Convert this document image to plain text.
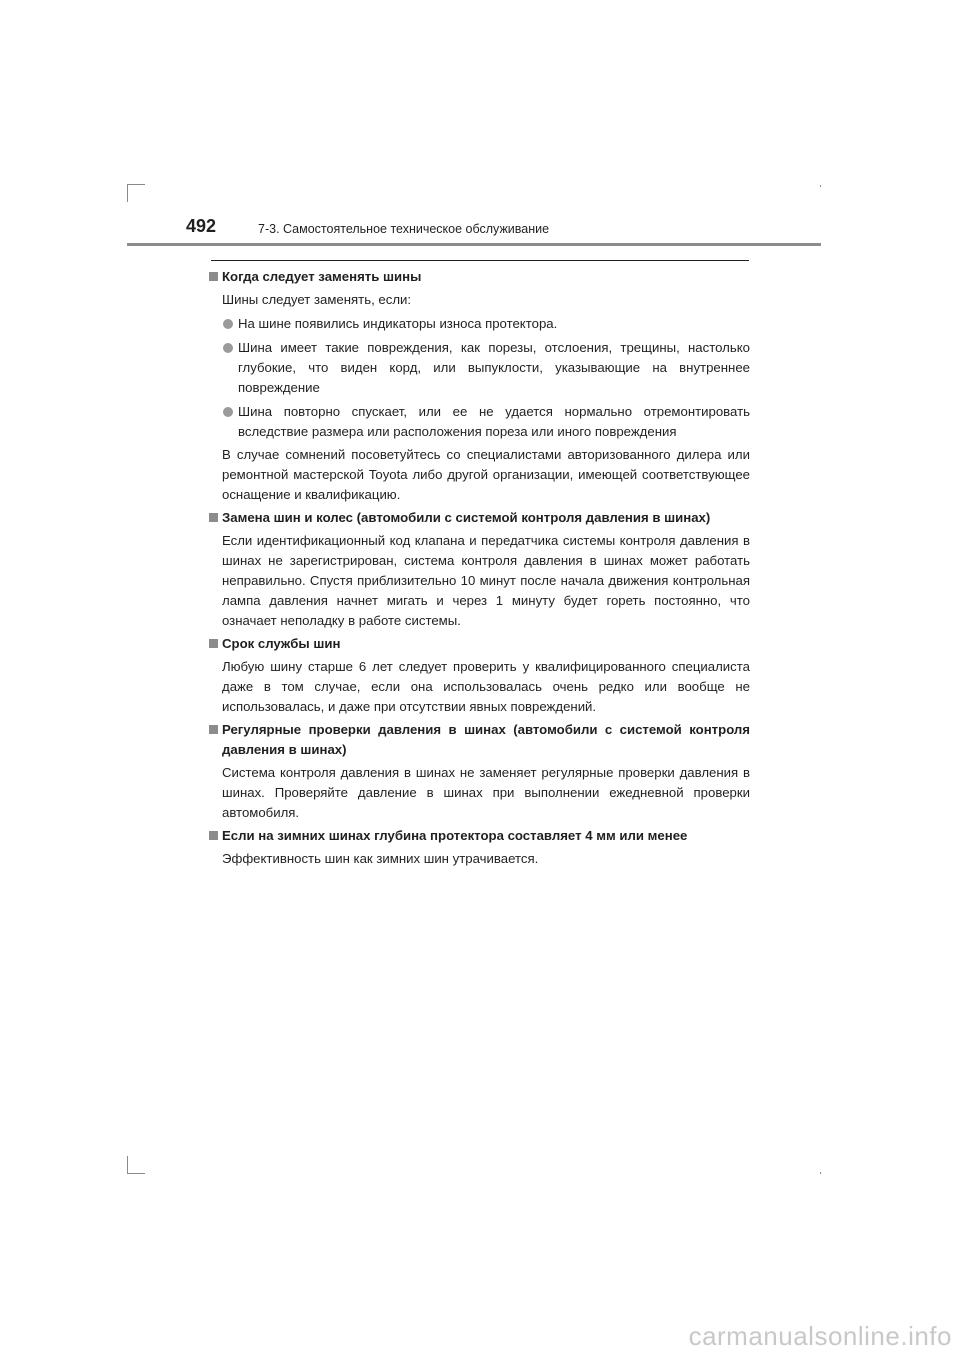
492	7-3. Самостоятельное техническое обслуживание
Когда следует заменять шины
Шины следует заменять, если:
На шине появились индикаторы износа протектора.
Шина имеет такие повреждения, как порезы, отслоения, трещины, настолько глубокие, что виден корд, или выпуклости, указывающие на внутреннее повреждение
Шина повторно спускает, или ее не удается нормально отремонтировать вследствие размера или расположения пореза или иного повреждения
В случае сомнений посоветуйтесь со специалистами авторизованного дилера или ремонтной мастерской Toyota либо другой организации, имеющей соответствующее оснащение и квалификацию.
Замена шин и колес (автомобили с системой контроля давления в шинах)
Если идентификационный код клапана и передатчика системы контроля давления в шинах не зарегистрирован, система контроля давления в шинах может работать неправильно. Спустя приблизительно 10 минут после начала движения контрольная лампа давления начнет мигать и через 1 минуту будет гореть постоянно, что означает неполадку в работе системы.
Срок службы шин
Любую шину старше 6 лет следует проверить у квалифицированного специалиста даже в том случае, если она использовалась очень редко или вообще не использовалась, и даже при отсутствии явных повреждений.
Регулярные проверки давления в шинах (автомобили с системой контроля давления в шинах)
Система контроля давления в шинах не заменяет регулярные проверки давления в шинах. Проверяйте давление в шинах при выполнении ежедневной проверки автомобиля.
Если на зимних шинах глубина протектора составляет 4 мм или менее
Эффективность шин как зимних шин утрачивается.
carmanualsonline.info
